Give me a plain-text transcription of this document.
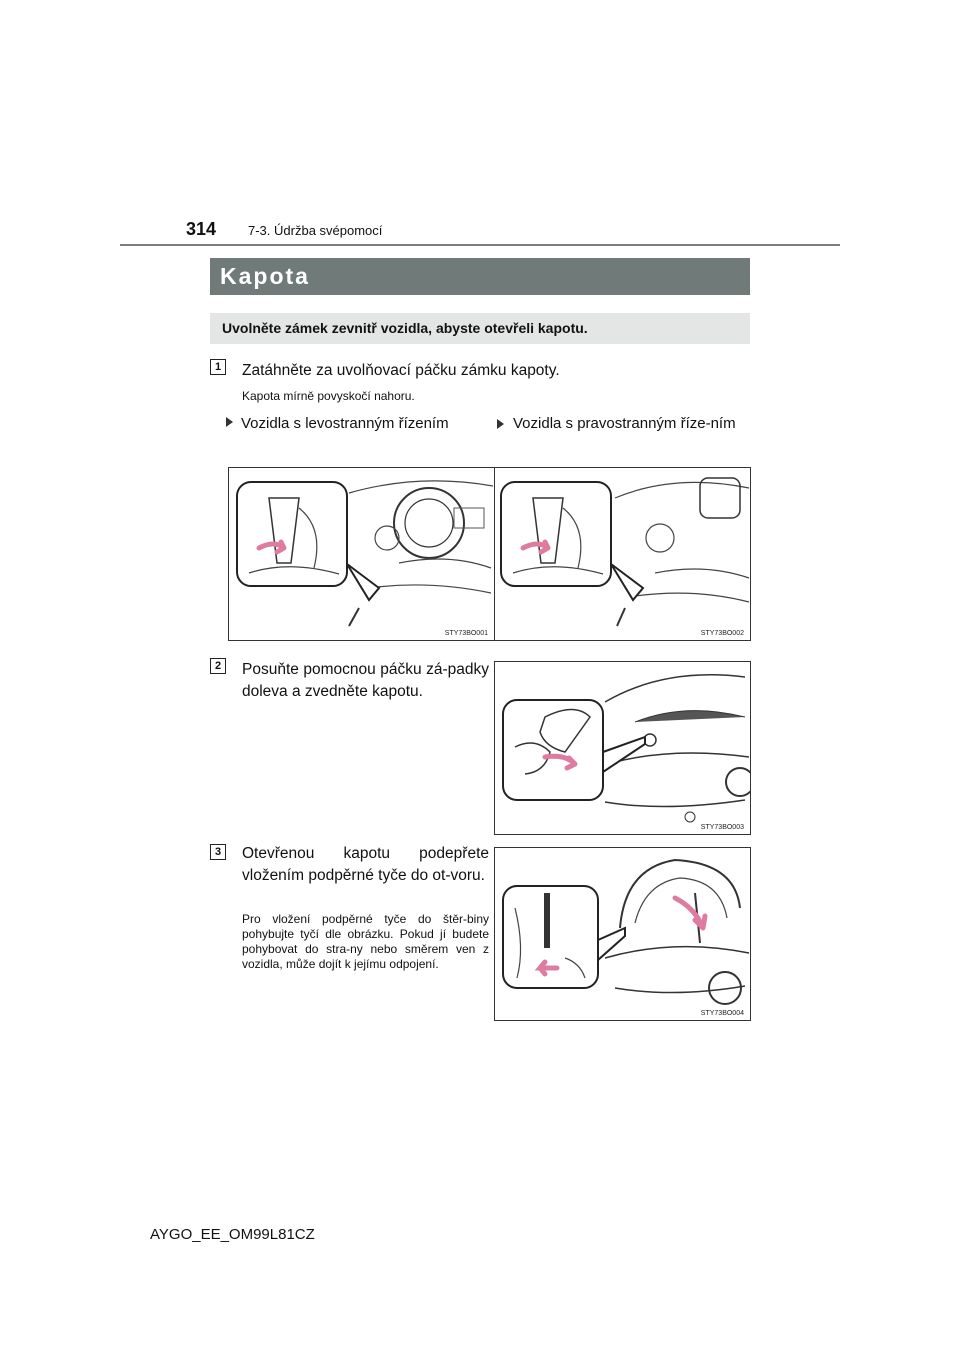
314 7-3. Údržba svépomocí
Kapota
Uvolněte zámek zevnitř vozidla, abyste otevřeli kapotu.
1	Zatáhněte za uvolňovací páčku zámku kapoty.
Kapota mírně povyskočí nahoru.
Vozidla s levostranným řízením	Vozidla s pravostranným říze-ním
STY73BO001	STY73BO002
2	Posuňte pomocnou páčku zá-padky doleva a zvedněte kapotu.
STY73BO003
3	Otevřenou kapotu podepřete vložením podpěrné tyče do ot-voru.
Pro vložení podpěrné tyče do štěr-biny pohybujte tyčí dle obrázku. Pokud jí budete pohybovat do stra-ny nebo směrem ven z vozidla, může dojít k jejímu odpojení.
STY73BO004
AYGO_EE_OM99L81CZ
